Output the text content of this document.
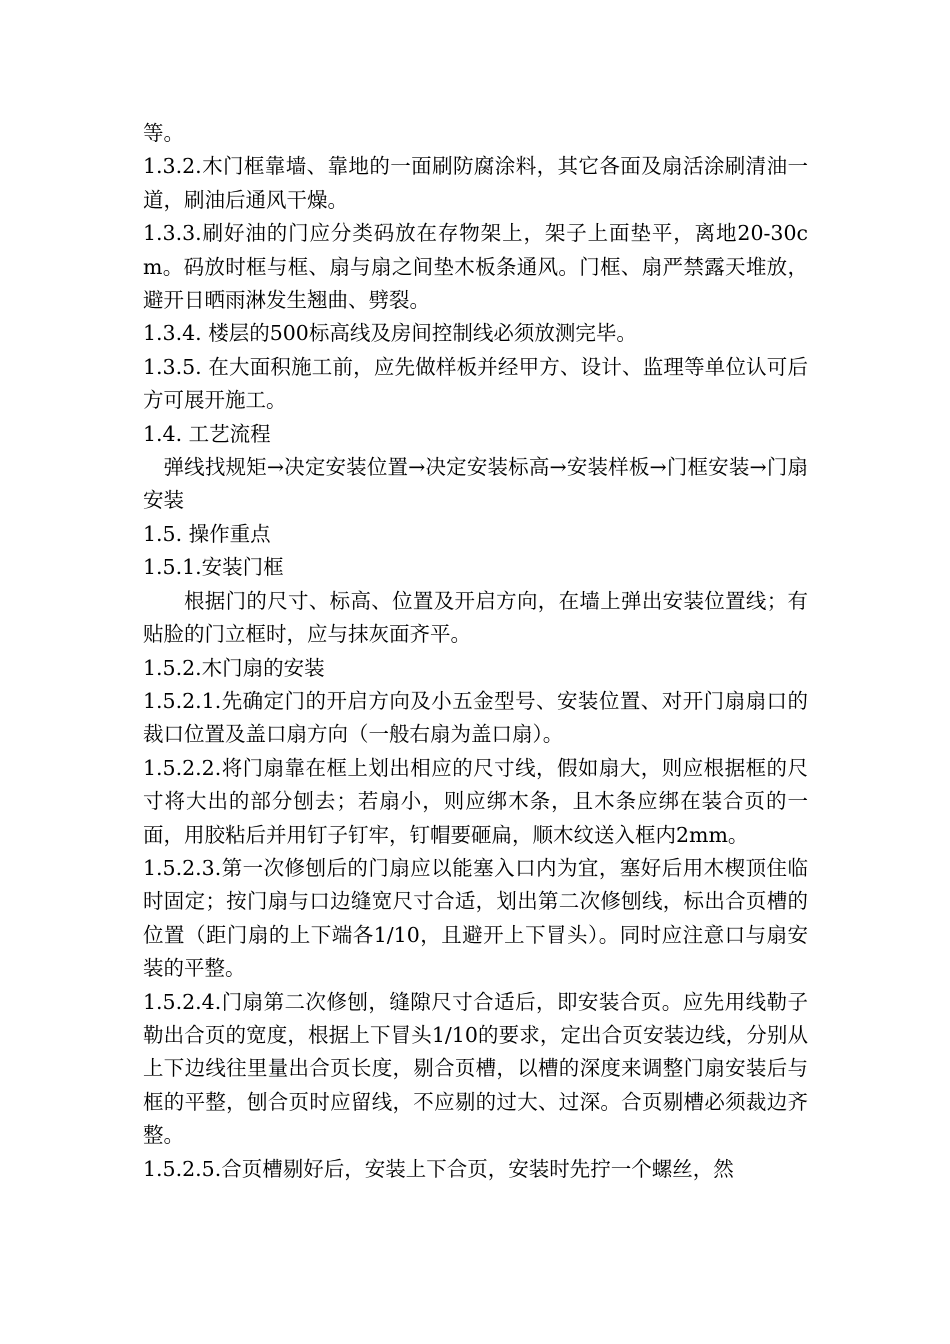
等。

1.3.2.木门框靠墙、靠地的一面刷防腐涂料，其它各面及扇活涂刷清油一道，刷油后通风干燥。

1.3.3.刷好油的门应分类码放在存物架上，架子上面垫平，离地20-30cm。码放时框与框、扇与扇之间垫木板条通风。门框、扇严禁露天堆放，避开日晒雨淋发生翘曲、劈裂。

1.3.4. 楼层的500标高线及房间控制线必须放测完毕。

1.3.5. 在大面积施工前，应先做样板并经甲方、设计、监理等单位认可后方可展开施工。

1.4. 工艺流程

弹线找规矩→决定安装位置→决定安装标高→安装样板→门框安装→门扇安装

1.5. 操作重点

1.5.1.安装门框

根据门的尺寸、标高、位置及开启方向，在墙上弹出安装位置线；有贴脸的门立框时，应与抹灰面齐平。

1.5.2.木门扇的安装

1.5.2.1.先确定门的开启方向及小五金型号、安装位置、对开门扇扇口的裁口位置及盖口扇方向（一般右扇为盖口扇）。

1.5.2.2.将门扇靠在框上划出相应的尺寸线，假如扇大，则应根据框的尺寸将大出的部分刨去；若扇小，则应绑木条，且木条应绑在装合页的一面，用胶粘后并用钉子钉牢，钉帽要砸扁，顺木纹送入框内2mm。

1.5.2.3.第一次修刨后的门扇应以能塞入口内为宜，塞好后用木楔顶住临时固定；按门扇与口边缝宽尺寸合适，划出第二次修刨线，标出合页槽的位置（距门扇的上下端各1/10，且避开上下冒头）。同时应注意口与扇安装的平整。

1.5.2.4.门扇第二次修刨，缝隙尺寸合适后，即安装合页。应先用线勒子勒出合页的宽度，根据上下冒头1/10的要求，定出合页安装边线，分别从上下边线往里量出合页长度，剔合页槽，以槽的深度来调整门扇安装后与框的平整，刨合页时应留线，不应剔的过大、过深。合页剔槽必须裁边齐整。

1.5.2.5.合页槽剔好后，安装上下合页，安装时先拧一个螺丝，然
